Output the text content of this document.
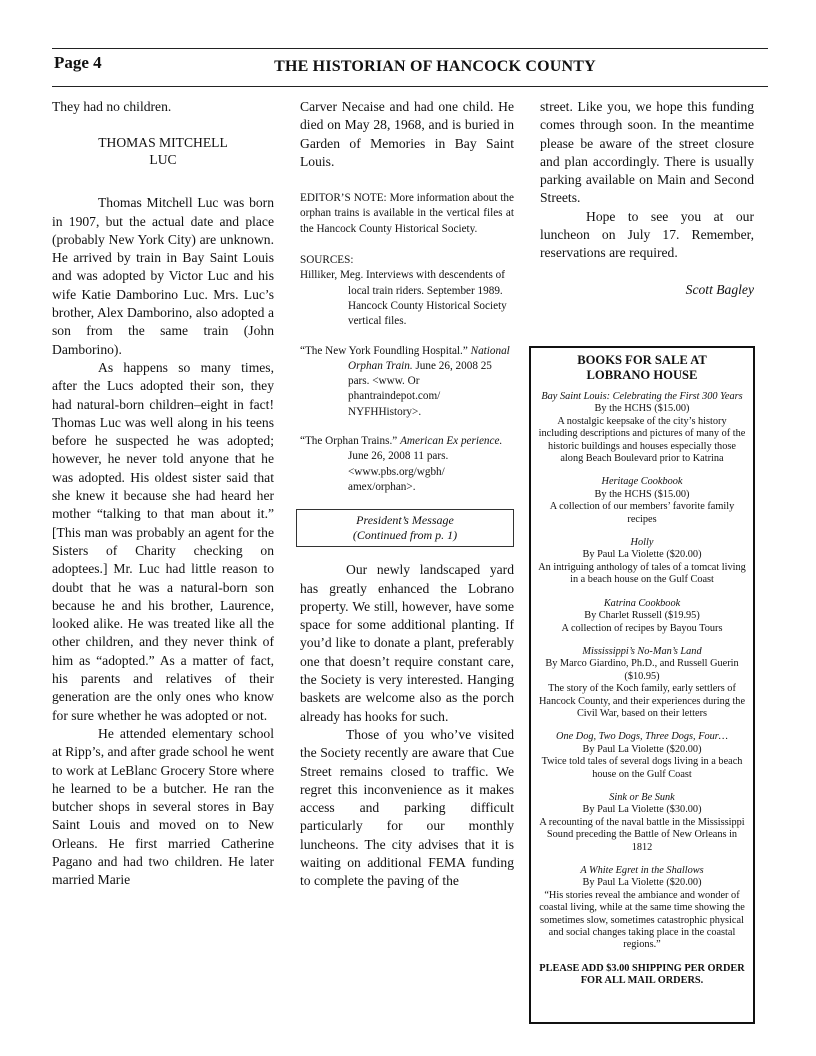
Page 4	THE HISTORIAN OF HANCOCK COUNTY

They had no children.

THOMAS MITCHELL
LUC

Thomas Mitchell Luc was born in 1907, but the actual date and place (probably New York City) are unknown. He arrived by train in Bay Saint Louis and was adopted by Victor Luc and his wife Katie Damborino Luc. Mrs. Luc’s brother, Alex Damborino, also adopted a son from the same train (John Damborino).

As happens so many times, after the Lucs adopted their son, they had natural-born children–eight in fact! Thomas Luc was well along in his teens before he suspected he was adopted; however, he never told anyone that he was adopted. His oldest sister said that she knew it because she had heard her mother “talking to that man about it.” [This man was probably an agent for the Sisters of Charity checking on adoptees.] Mr. Luc had little reason to doubt that he was a natural-born son because he and his brother, Laurence, looked alike. He was treated like all the other children, and they never think of him as “adopted.” As a matter of fact, his parents and relatives of their generation are the only ones who know for sure whether he was adopted or not.

He attended elementary school at Ripp’s, and after grade school he went to work at LeBlanc Grocery Store where he learned to be a butcher. He ran the butcher shops in several stores in Bay Saint Louis and moved on to New Orleans. He first married Catherine Pagano and had two children. He later married Marie

Carver Necaise and had one child. He died on May 28, 1968, and is buried in Garden of Memories in Bay Saint Louis.

EDITOR’S NOTE: More information about the orphan trains is available in the vertical files at the Hancock County Historical Society.

SOURCES:

Hilliker, Meg. Interviews with descendents of local train riders. September 1989. Hancock County Historical Society vertical files.

“The New York Foundling Hospital.” National Orphan Train. June 26, 2008 25 pars. <www. Or phantraindepot.com/ NYFHHistory>.

“The Orphan Trains.” American Ex perience. June 26, 2008 11 pars. <www.pbs.org/wgbh/ amex/orphan>.

President’s Message
(Continued from p. 1)

Our newly landscaped yard has greatly enhanced the Lobrano property. We still, however, have some space for some additional planting. If you’d like to donate a plant, preferably one that doesn’t require constant care, the Society is very interested. Hanging baskets are welcome also as the porch already has hooks for such.

Those of you who’ve visited the Society recently are aware that Cue Street remains closed to traffic. We regret this inconvenience as it makes access and parking difficult particularly for our monthly luncheons. The city advises that it is waiting on additional FEMA funding to complete the paving of the

street. Like you, we hope this funding comes through soon. In the meantime please be aware of the street closure and plan accordingly. There is usually parking available on Main and Second Streets.

Hope to see you at our luncheon on July 17. Remember, reservations are required.

Scott Bagley

BOOKS FOR SALE AT
LOBRANO HOUSE
Bay Saint Louis: Celebrating the First 300 Years
By the HCHS ($15.00)
A nostalgic keepsake of the city’s history including descriptions and pictures of many of the historic buildings and houses especially those along Beach Boulevard prior to Katrina
Heritage Cookbook
By the HCHS ($15.00)
A collection of our members’ favorite family recipes
Holly
By Paul La Violette ($20.00)
An intriguing anthology of tales of a tomcat living in a beach house on the Gulf Coast
Katrina Cookbook
By Charlet Russell ($19.95)
A collection of recipes by Bayou Tours
Mississippi’s No-Man’s Land
By Marco Giardino, Ph.D., and Russell Guerin ($10.95)
The story of the Koch family, early settlers of Hancock County, and their experiences during the Civil War, based on their letters
One Dog, Two Dogs, Three Dogs, Four…
By Paul La Violette ($20.00)
Twice told tales of several dogs living in a beach house on the Gulf Coast
Sink or Be Sunk
By Paul La Violette ($30.00)
A recounting of the naval battle in the Mississippi Sound preceding the Battle of New Orleans in 1812
A White Egret in the Shallows
By Paul La Violette ($20.00)
“His stories reveal the ambiance and wonder of coastal living, while at the same time showing the sometimes slow, sometimes catastrophic physical and social changes taking place in the coastal regions.”
PLEASE ADD $3.00 SHIPPING PER ORDER FOR ALL MAIL ORDERS.
